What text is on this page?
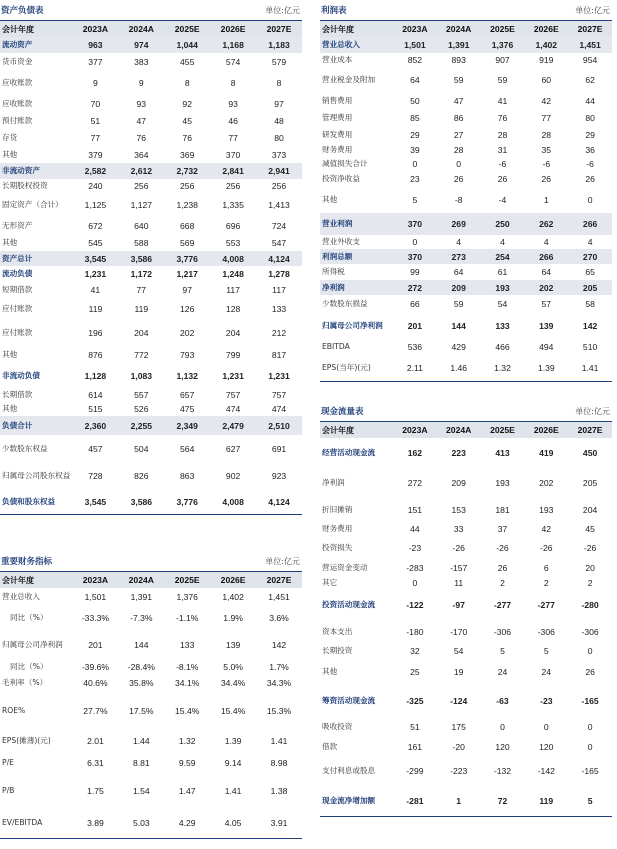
资产负债表	单位:亿元
会计年度	2023A	2024A	2025E	2026E	2027E
流动资产	963	974	1,044	1,168	1,183
货币资金	377	383	455	574	579
应收账款	9	9	8	8	8
应收账款	70	93	92	93	97
预付账款	51	47	45	46	48
存货	77	76	76	77	80
其他	379	364	369	370	373
非流动资产	2,582	2,612	2,732	2,841	2,941
长期股权投资	240	256	256	256	256
固定资产（合计）	1,125	1,127	1,238	1,335	1,413
无形资产	672	640	668	696	724
其他	545	588	569	553	547
资产总计	3,545	3,586	3,776	4,008	4,124
流动负债	1,231	1,172	1,217	1,248	1,278
短期借款	41	77	97	117	117
应付账款	119	119	126	128	133
应付账款	196	204	202	204	212
其他	876	772	793	799	817
非流动负债	1,128	1,083	1,132	1,231	1,231
长期借款	614	557	657	757	757
其他	515	526	475	474	474
负债合计	2,360	2,255	2,349	2,479	2,510
少数股东权益	457	504	564	627	691
归属母公司股东权益	728	826	863	902	923
负债和股东权益	3,545	3,586	3,776	4,008	4,124
重要财务指标	单位:亿元
会计年度	2023A	2024A	2025E	2026E	2027E
营业总收入	1,501	1,391	1,376	1,402	1,451
同比（%）	-33.3%	-7.3%	-1.1%	1.9%	3.6%
归属母公司净利润	201	144	133	139	142
同比（%）	-39.6%	-28.4%	-8.1%	5.0%	1.7%
毛利率（%）	40.6%	35.8%	34.1%	34.4%	34.3%
ROE%	27.7%	17.5%	15.4%	15.4%	15.3%
EPS(摊薄)(元)	2.01	1.44	1.32	1.39	1.41
P/E	6.31	8.81	9.59	9.14	8.98
P/B	1.75	1.54	1.47	1.41	1.38
EV/EBITDA	3.89	5.03	4.29	4.05	3.91
利润表	单位:亿元
会计年度	2023A	2024A	2025E	2026E	2027E
营业总收入	1,501	1,391	1,376	1,402	1,451
营业成本	852	893	907	919	954
营业税金及附加	64	59	59	60	62
销售费用	50	47	41	42	44
管理费用	85	86	76	77	80
研发费用	29	27	28	28	29
财务费用	39	28	31	35	36
减值损失合计	0	0	-6	-6	-6
投资净收益	23	26	26	26	26
其他	5	-8	-4	1	0
营业利润	370	269	250	262	266
营业外收支	0	4	4	4	4
利润总额	370	273	254	266	270
所得税	99	64	61	64	65
净利润	272	209	193	202	205
少数股东损益	66	59	54	57	58
归属母公司净利润	201	144	133	139	142
EBITDA	536	429	466	494	510
EPS(当年)(元)	2.11	1.46	1.32	1.39	1.41
现金流量表	单位:亿元
会计年度	2023A	2024A	2025E	2026E	2027E
经营活动现金流	162	223	413	419	450
净利润	272	209	193	202	205
折旧摊销	151	153	181	193	204
财务费用	44	33	37	42	45
投资损失	-23	-26	-26	-26	-26
营运资金变动	-283	-157	26	6	20
其它	0	11	2	2	2
投资活动现金流	-122	-97	-277	-277	-280
资本支出	-180	-170	-306	-306	-306
长期投资	32	54	5	5	0
其他	25	19	24	24	26
筹资活动现金流	-325	-124	-63	-23	-165
吸收投资	51	175	0	0	0
借款	161	-20	120	120	0
支付利息或股息	-299	-223	-132	-142	-165
现金流净增加额	-281	1	72	119	5
